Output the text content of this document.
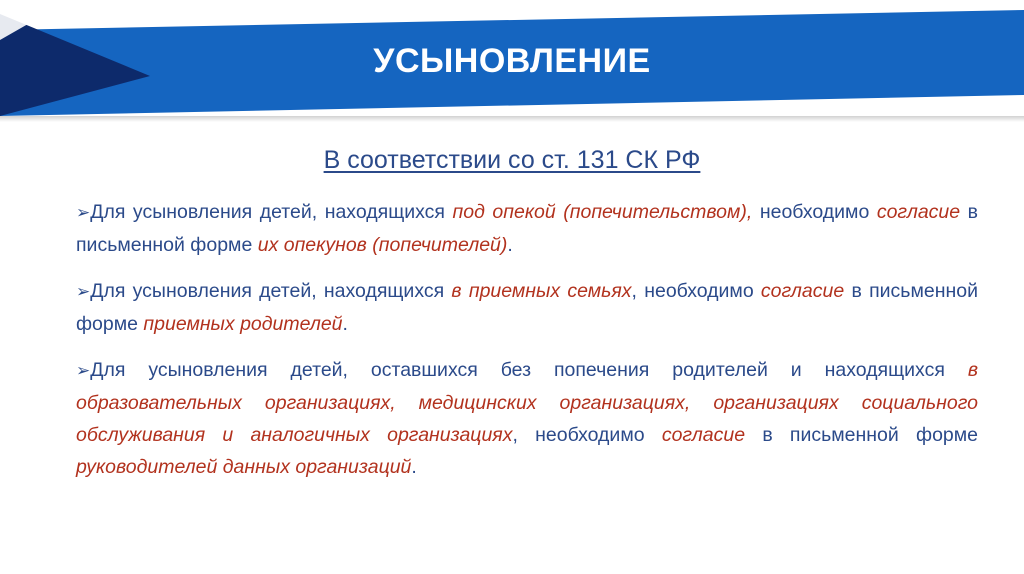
УСЫНОВЛЕНИЕ
В соответствии со ст. 131 СК РФ

➢Для усыновления детей, находящихся под опекой (попечительством), необходимо согласие в письменной форме их опекунов (попечителей).

➢Для усыновления детей, находящихся в приемных семьях, необходимо согласие в письменной форме приемных родителей.

➢Для усыновления детей, оставшихся без попечения родителей и находящихся в образовательных организациях, медицинских организациях, организациях социального обслуживания и аналогичных организациях, необходимо согласие в письменной форме руководителей данных организаций.
